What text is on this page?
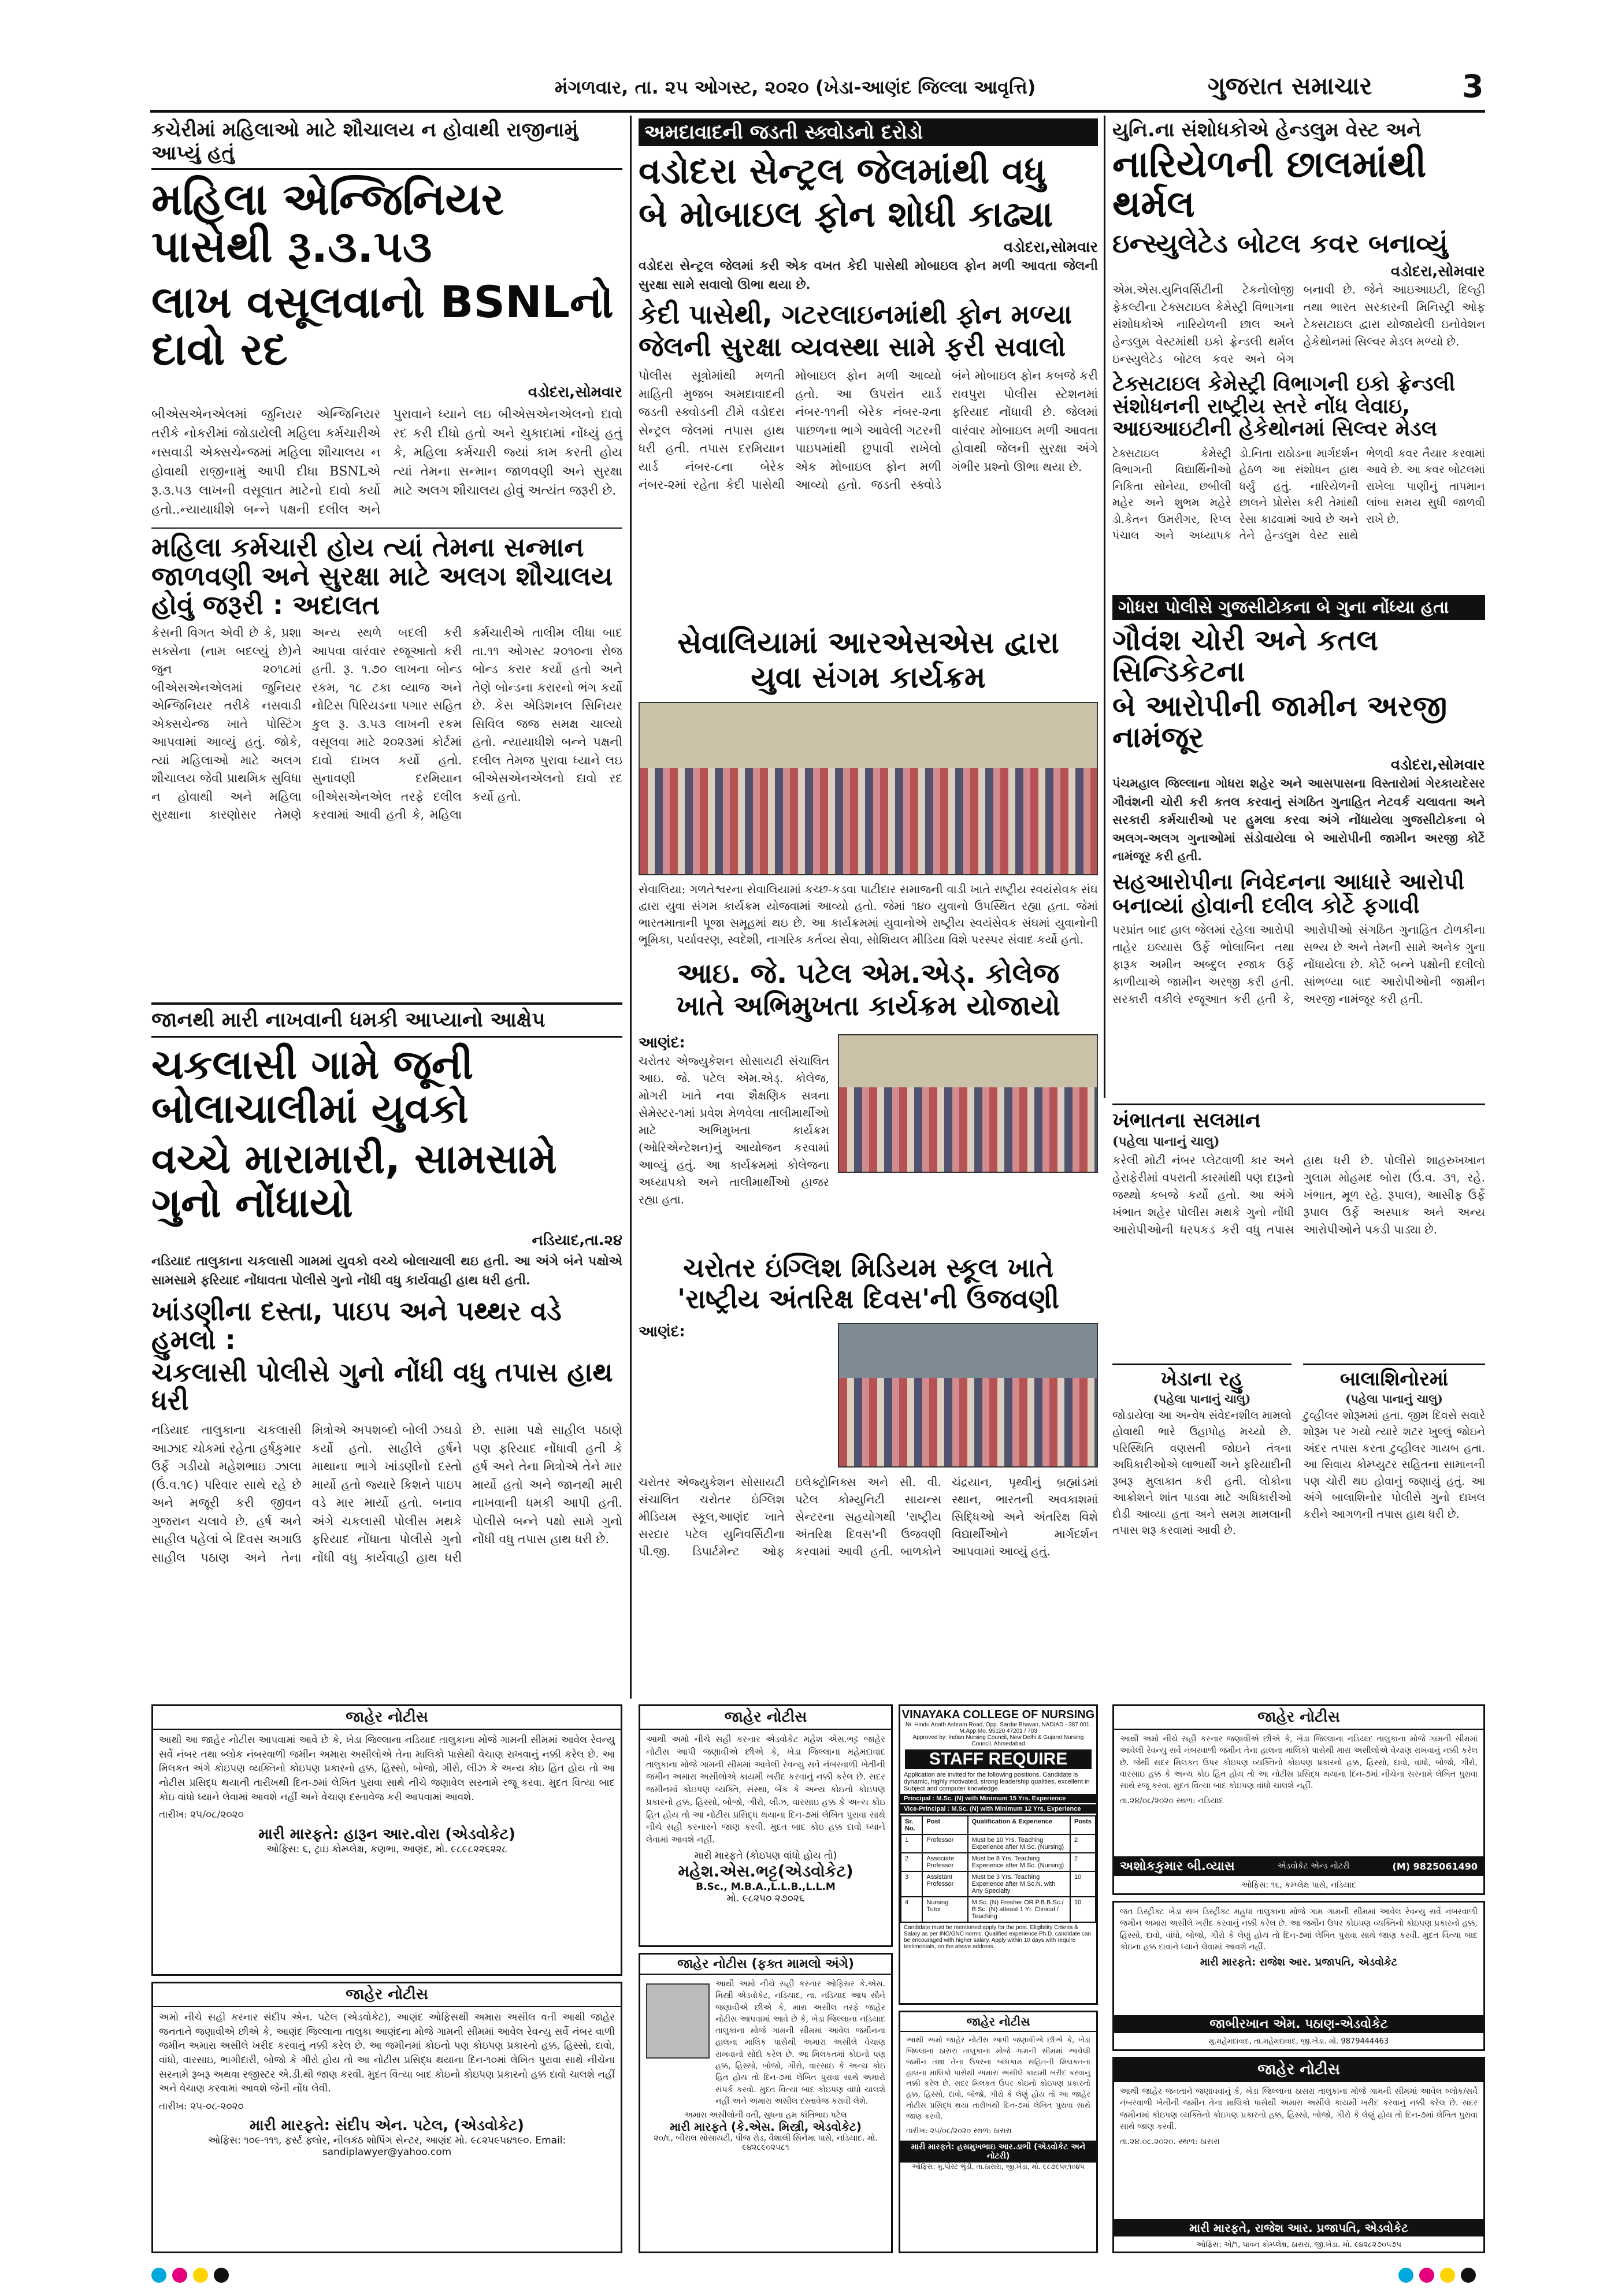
મંગળવાર, તા. ૨૫ ઓગસ્ટ, ૨૦૨૦ (ખેડા-આણંદ જિલ્લા આવૃત્તિ)	ગુજરાત સમાચાર	3
કચેરીમાં મહિલાઓ માટે શૌચાલય ન હોવાથી રાજીનામું આપ્યું હતું
મહિલા એન્જિનિયર પાસેથી રૂ.૩.૫૩
લાખ વસૂલવાનો BSNLનો દાવો રદ
વડોદરા,સોમવાર
બીએસએનએલમાં જુનિયર એન્જિનિયર તરીકે નોકરીમાં જોડાયેલી મહિલા કર્મચારીએ નસવાડી એક્સચેન્જમાં મહિલા શૌચાલય ન હોવાથી રાજીનામું આપી દીધા BSNLએ રૂ.૩.૫૩ લાખની વસૂલાત માટેનો દાવો કર્યો હતો..ન્યાયાધીશે બન્ને પક્ષની દલીલ અને પુરાવાને ધ્યાને લઇ બીએસએનએલનો દાવો રદ કરી દીધો હતો અને ચુકાદામાં નોંધ્યું હતું કે, મહિલા કર્મચારી જ્યાં કામ કરતી હોય ત્યાં તેમના સન્માન જાળવણી અને સુરક્ષા માટે અલગ શૌચાલય હોવું અત્યંત જરૂરી છે.
મહિલા કર્મચારી હોય ત્યાં તેમના સન્માન જાળવણી અને સુરક્ષા માટે અલગ શૌચાલય હોવું જરૂરી : અદાલત
કેસની વિગત એવી છે કે, પ્રશા સક્સેના (નામ બદલ્યું છે)ને જુન ૨૦૧૮માં બીએસએનએલમાં જુનિયર એન્જિનિયર તરીકે નસવાડી એક્સચેન્જ ખાતે પોસ્ટિંગ આપવામાં આવ્યું હતું. જોકે, ત્યાં મહિલાઓ માટે અલગ શૌચાલય જેવી પ્રાથમિક સુવિધા ન હોવાથી અને મહિલા સુરક્ષાના કારણોસર તેમણે અન્ય સ્થળે બદલી કરી આપવા વારંવાર રજૂઆતો કરી હતી. રૂ. ૧.૭૦ લાખના બોન્ડ રકમ, ૧૮ ટકા વ્યાજ અને નોટિસ પિરિયડના પગાર સહિત કુલ રૂ. ૩.૫૩ લાખની રકમ વસૂલવા માટે ૨૦૨૩માં કોર્ટમાં દાવો દાખલ કર્યો હતો. સુનાવણી દરમિયાન બીએસએનએલ તરફે દલીલ કરવામાં આવી હતી કે, મહિલા કર્મચારીએ તાલીમ લીધા બાદ તા.૧૧ ઓગસ્ટ ૨૦૧૦ના રોજ બોન્ડ કરાર કર્યો હતો અને તેણે બોન્ડના કરારનો ભંગ કર્યો છે. કેસ એડિશનલ સિનિયર સિવિલ જજ સમક્ષ ચાલ્યો હતો. ન્યાયાધીશે બન્ને પક્ષની દલીલ તેમજ પુરાવા ધ્યાને લઇ બીએસએનએલનો દાવો રદ કર્યો હતો.
જાનથી મારી નાખવાની ધમકી આપ્યાનો આક્ષેપ
ચકલાસી ગામે જૂની બોલાચાલીમાં યુવકો
વચ્ચે મારામારી, સામસામે ગુનો નોંધાયો
નડિયાદ,તા.૨૪
નડિયાદ તાલુકાના ચકલાસી ગામમાં યુવકો વચ્ચે બોલાચાલી થઇ હતી. આ અંગે બંને પક્ષોએ સામસામે ફરિયાદ નોંધાવતા પોલીસે ગુનો નોંધી વધુ કાર્યવાહી હાથ ધરી હતી.
ખાંડણીના દસ્તા, પાઇપ અને પથ્થર વડે હુમલો :
ચકલાસી પોલીસે ગુનો નોંધી વધુ તપાસ હાથ ધરી
નડિયાદ તાલુકાના ચકલાસી આઝાદ ચોકમાં રહેતા હર્ષકુમાર ઉર્ફે ગડીયો મહેશભાઇ ઝાલા (ઉં.વ.૧૯) પરિવાર સાથે રહે છે અને મજૂરી કરી જીવન ગુજરાન ચલાવે છે. હર્ષ અને સાહીલ પહેલાં બે દિવસ અગાઉ સાહીલ પઠાણ અને તેના મિત્રોએ અપશબ્દો બોલી ઝઘડો કર્યો હતો. સાહીલે હર્ષને માથાના ભાગે ખાંડણીનો દસ્તો માર્યો હતો જ્યારે કિશને પાઇપ વડે માર માર્યો હતો. બનાવ અંગે ચકલાસી પોલીસ મથકે ફરિયાદ નોંધાતા પોલીસે ગુનો નોંધી વધુ કાર્યવાહી હાથ ધરી છે. સામા પક્ષે સાહીલ પઠાણે પણ ફરિયાદ નોંધાવી હતી કે હર્ષ અને તેના મિત્રોએ તેને માર માર્યો હતો અને જાનથી મારી નાખવાની ધમકી આપી હતી. પોલીસે બન્ને પક્ષો સામે ગુનો નોંધી વધુ તપાસ હાથ ધરી છે.
અમદાવાદની જડતી સ્ક્વોડનો દરોડો
વડોદરા સેન્ટ્રલ જેલમાંથી વધુ
બે મોબાઇલ ફોન શોધી કાઢ્યા
વડોદરા,સોમવાર
વડોદરા સેન્ટ્રલ જેલમાં કરી એક વખત કેદી પાસેથી મોબાઇલ ફોન મળી આવતા જેલની સુરક્ષા સામે સવાલો ઊભા થયા છે.
કેદી પાસેથી, ગટરલાઇનમાંથી ફોન મળ્યા
જેલની સુરક્ષા વ્યવસ્થા સામે ફરી સવાલો
પોલીસ સૂત્રોમાંથી મળતી માહિતી મુજબ અમદાવાદની જડતી સ્ક્વોડની ટીમે વડોદરા સેન્ટ્રલ જેલમાં તપાસ હાથ ધરી હતી. તપાસ દરમિયાન યાર્ડ નંબર-૮ના બેરેક નંબર-૨માં રહેતા કેદી પાસેથી મોબાઇલ ફોન મળી આવ્યો હતો. આ ઉપરાંત યાર્ડ નંબર-૧૧ની બેરેક નંબર-૨ના પાછળના ભાગે આવેલી ગટરની પાઇપમાંથી છુપાવી રાખેલો એક મોબાઇલ ફોન મળી આવ્યો હતો. જડતી સ્ક્વોડે બંને મોબાઇલ ફોન કબજે કરી રાવપુરા પોલીસ સ્ટેશનમાં ફરિયાદ નોંધાવી છે. જેલમાં વારંવાર મોબાઇલ મળી આવતા હોવાથી જેલની સુરક્ષા અંગે ગંભીર પ્રશ્નો ઊભા થયા છે.
સેવાલિયામાં આરએસએસ દ્વારા
યુવા સંગમ કાર્યક્રમ
સેવાલિયા: ગળતેશ્વરના સેવાલિયામાં કચ્છ-કડવા પાટીદાર સમાજની વાડી ખાતે રાષ્ટ્રીય સ્વયંસેવક સંઘ દ્વારા યુવા સંગમ કાર્યક્રમ યોજવામાં આવ્યો હતો. જેમાં ૧૪૦ યુવાનો ઉપસ્થિત રહ્યા હતા. જેમાં ભારતમાતાની પૂજા સમૂહમાં થઇ છે. આ કાર્યક્રમમાં યુવાનોએ રાષ્ટ્રીય સ્વયંસેવક સંઘમાં યુવાનોની ભૂમિકા, પર્યાવરણ, સ્વદેશી, નાગરિક કર્તવ્ય સેવા, સોશિયલ મીડિયા વિશે પરસ્પર સંવાદ કર્યો હતો.
આઇ. જે. પટેલ એમ.એડ્. કોલેજ
ખાતે અભિમુખતા કાર્યક્રમ યોજાયો
આણંદ:
ચરોતર એજ્યુકેશન સોસાયટી સંચાલિત આઇ. જે. પટેલ એમ.એડ્. કોલેજ, મોગરી ખાતે નવા શૈક્ષણિક સત્રના સેમેસ્ટર-૧માં પ્રવેશ મેળવેલા તાલીમાર્થીઓ માટે અભિમુખતા કાર્યક્રમ (ઓરિએન્ટેશન)નું આયોજન કરવામાં આવ્યું હતું. આ કાર્યક્રમમાં કોલેજના અધ્યાપકો અને તાલીમાર્થીઓ હાજર રહ્યા હતા.
ચરોતર ઇંગ્લિશ મિડિયમ સ્કૂલ ખાતે
'રાષ્ટ્રીય અંતરિક્ષ દિવસ'ની ઉજવણી
આણંદ:
ચરોતર એજ્યુકેશન સોસાયટી સંચાલિત ચરોતર ઇંગ્લિશ મીડિયમ સ્કૂલ,આણંદ ખાતે સરદાર પટેલ યુનિવર્સિટીના પી.જી. ડિપાર્ટમેન્ટ ઓફ ઇલેક્ટ્રોનિક્સ અને સી. વી. પટેલ કોમ્યુનિટી સાયન્સ સેન્ટરના સહયોગથી 'રાષ્ટ્રીય અંતરિક્ષ દિવસ'ની ઉજવણી કરવામાં આવી હતી. બાળકોને ચંદ્રયાન, પૃથ્વીનું બ્રહ્માંડમાં સ્થાન, ભારતની અવકાશમાં સિદ્ધિઓ અને અંતરિક્ષ વિશે વિદ્યાર્થીઓને માર્ગદર્શન આપવામાં આવ્યું હતું.
યુનિ.ના સંશોધકોએ હેન્ડલુમ વેસ્ટ અને
નારિયેળની છાલમાંથી થર્મલ
ઇન્સ્યુલેટેડ બોટલ કવર બનાવ્યું
વડોદરા,સોમવાર
એમ.એસ.યુનિવર્સિટીની ટેકનોલોજી ફેકલ્ટીના ટેક્સટાઇલ કેમેસ્ટ્રી વિભાગના સંશોધકોએ નારિયેળની છાલ અને હેન્ડલુમ વેસ્ટમાંથી ઇકો ફ્રેન્ડલી થર્મલ ઇન્સ્યુલેટેડ બોટલ કવર અને બેગ બનાવી છે. જેને આઇઆઇટી, દિલ્હી તથા ભારત સરકારની મિનિસ્ટ્રી ઓફ ટેક્સટાઇલ દ્વારા યોજાયેલી ઇનોવેશન હેકેથોનમાં સિલ્વર મેડલ મળ્યો છે.
ટેક્સટાઇલ કેમેસ્ટ્રી વિભાગની ઇકો ફ્રેન્ડલી સંશોધનની રાષ્ટ્રીય સ્તરે નોંધ લેવાઇ, આઇઆઇટીની હેકેથોનમાં સિલ્વર મેડલ
ટેક્સટાઇલ કેમેસ્ટ્રી વિભાગની વિદ્યાર્થિનીઓ નિકિતા સોનેયા, છબીલી મહેર અને શુભમ મહેરે ડો.કેતન ઉમરીગર, રિપ્લ પંચાલ અને અધ્યાપક ડો.નિતા રાઠોડના માર્ગદર્શન હેઠળ આ સંશોધન હાથ ધર્યું હતું. નારિયેળની છાલને પ્રોસેસ કરી તેમાંથી રેસા કાઢવામાં આવે છે અને તેને હેન્ડલુમ વેસ્ટ સાથે ભેળવી કવર તૈયાર કરવામાં આવે છે. આ કવર બોટલમાં રાખેલા પાણીનું તાપમાન લાંબા સમય સુધી જાળવી રાખે છે.
ગોધરા પોલીસે ગુજસીટોકના બે ગુના નોંધ્યા હતા
ગૌવંશ ચોરી અને કતલ સિન્ડિકેટના
બે આરોપીની જામીન અરજી નામંજૂર
વડોદરા,સોમવાર
પંચમહાલ જિલ્લાના ગોધરા શહેર અને આસપાસના વિસ્તારોમાં ગેરકાયદેસર ગૌવંશની ચોરી કરી કતલ કરવાનું સંગઠિત ગુનાહિત નેટવર્ક ચલાવતા અને સરકારી કર્મચારીઓ પર હુમલા કરવા અંગે નોંધાયેલા ગુજસીટોકના બે અલગ-અલગ ગુનાઓમાં સંડોવાયેલા બે આરોપીની જામીન અરજી કોર્ટે નામંજૂર કરી હતી.
સહઆરોપીના નિવેદનના આધારે આરોપી બનાવ્યાં હોવાની દલીલ કોર્ટે ફગાવી
પરપ્રાંત બાદ હાલ જેલમાં રહેલા આરોપી તાહેર ઇલ્યાસ ઉર્ફે ભોલાબિન તથા ફારૂક અમીન અબ્દુલ રજાક ઉર્ફે કાળીયાએ જામીન અરજી કરી હતી. સરકારી વકીલે રજૂઆત કરી હતી કે, આરોપીઓ સંગઠિત ગુનાહિત ટોળકીના સભ્ય છે અને તેમની સામે અનેક ગુના નોંધાયેલા છે. કોર્ટે બન્ને પક્ષોની દલીલો સાંભળ્યા બાદ આરોપીઓની જામીન અરજી નામંજૂર કરી હતી.
ખંભાતના સલમાન
(પહેલા પાનાનું ચાલુ)
કરેલી મોટી નંબર પ્લેટવાળી કાર અને હેરાફેરીમાં વપરાતી કારમાંથી પણ દારૂનો જથ્થો કબજે કર્યો હતો. આ અંગે ખંભાત શહેર પોલીસ મથકે ગુનો નોંધી આરોપીઓની ધરપકડ કરી વધુ તપાસ હાથ ધરી છે. પોલીસે શાહરુખખાન ગુલામ મોહમદ બોરા (ઉં.વ. ૩૧, રહે. ખંભાત, મૂળ રહે. રૂપાલ), આસીફ ઉર્ફે રૂપાલ ઉર્ફે અસ્પાક અને અન્ય આરોપીઓને પકડી પાડ્યા છે.
ખેડાના રહુ
(પહેલા પાનાનું ચાલુ)
જોડાયેલા આ અન્વેષ સંવેદનશીલ મામલો હોવાથી ભારે ઉહાપોહ મચ્યો છે. પરિસ્થિતિ વણસતી જોઇને તંત્રના અધિકારીઓએ લાભાર્થી અને ફરિયાદીની રૂબરૂ મુલાકાત કરી હતી. લોકોના આક્રોશને શાંત પાડવા માટે અધિકારીઓ દોડી આવ્યા હતા અને સમગ્ર મામલાની તપાસ શરૂ કરવામાં આવી છે.
બાલાશિનોરમાં
(પહેલા પાનાનું ચાલુ)
ટુવ્હીલર શોરૂમમાં હતા. જીમ દિવસે સવારે શોરૂમ પર ગયો ત્યારે શટર ખુલ્લું જોઇને અંદર તપાસ કરતા ટુવ્હીલર ગાયબ હતા. આ સિવાય કોમ્પ્યુટર સહિતના સામાનની પણ ચોરી થઇ હોવાનું જણાયું હતું. આ અંગે બાલાશિનોર પોલીસે ગુનો દાખલ કરીને આગળની તપાસ હાથ ધરી છે.
જાહેર નોટીસ
આથી આ જાહેર નોટીસ આપવામાં આવે છે કે, ખેડા જિલ્લાના નડિયાદ તાલુકાના મોજે ગામની સીમમાં આવેલ રેવન્યુ સર્વે નંબર તથા બ્લોક નંબરવાળી જમીન અમારા અસીલોએ તેના માલિકો પાસેથી વેચાણ રાખવાનું નક્કી કરેલ છે. આ મિલકત અંગે કોઇપણ વ્યક્તિનો કોઇપણ પ્રકારનો હક્ક, હિસ્સો, બોજો, ગીરો, લીઝ કે અન્ય કોઇ હિત હોય તો આ નોટીસ પ્રસિદ્ધ થયાની તારીખથી દિન-૭માં લેખિત પુરાવા સાથે નીચે જણાવેલ સરનામે રજૂ કરવા. મુદત વિત્યા બાદ કોઇ વાંધો ધ્યાને લેવામાં આવશે નહીં અને વેચાણ દસ્તાવેજ કરી આપવામાં આવશે.
તારીખ: ૨૫/૦૮/૨૦૨૦
મારી મારફતે: હારૂન આર.વોરા (એડવોકેટ)
ઓફિસ: ૬, ટ્રાઇ કોમ્પ્લેક્ષ, કણભા, આણંદ, મો. ૯૮૯૮૨૨૬૨૨૮
જાહેર નોટીસ
અમો નીચે સહી કરનાર સંદીપ એન. પટેલ (એડવોકેટ), આણંદ ઓફિસથી અમારા અસીલ વતી આથી જાહેર જનતાને જણાવીએ છીએ કે, આણંદ જિલ્લાના તાલુકા આણંદના મોજે ગામની સીમમાં આવેલ રેવન્યુ સર્વે નંબર વાળી જમીન અમારા અસીલે ખરીદ કરવાનું નક્કી કરેલ છે. આ જમીનમાં કોઇનો પણ કોઇપણ પ્રકારનો હક્ક, હિસ્સો, દાવો, વાંધો, વારસાઇ, ભાગીદારી, બોજો કે ગીરો હોય તો આ નોટીસ પ્રસિદ્ધ થયાના દિન-૧૦માં લેખિત પુરાવા સાથે નીચેના સરનામે રૂબરૂ અથવા રજીસ્ટર એ.ડી.થી જાણ કરવી. મુદત વિત્યા બાદ કોઇનો કોઇપણ પ્રકારનો હક્ક દાવો ચાલશે નહીં અને વેચાણ કરવામાં આવશે જેની નોંધ લેવી.
તારીખ: ૨૫-૦૮-૨૦૨૦
મારી મારફતે: સંદીપ એન. પટેલ, (એડવોકેટ)
ઓફિસ: ૧૦૯-૧૧૧, ફર્સ્ટ ફ્લોર, નીલકંઠ શોપિંગ સેન્ટર, આણંદ મો. ૯૮૨૫૯૫૪૧૯૦. Email: sandiplawyer@yahoo.com
જાહેર નોટીસ
આથી અમો નીચે સહી કરનાર એડવોકેટ મહેશ એસ.ભટ્ટ જાહેર નોટીસ આપી જણાવીએ છીએ કે, ખેડા જિલ્લાના મહેમદાવાદ તાલુકાના મોજે ગામની સીમમાં આવેલી રેવન્યુ સર્વે નંબરવાળી ખેતીની જમીન અમારા અસીલોએ કાયમી ખરીદ કરવાનું નક્કી કરેલ છે. સદર જમીનમાં કોઇપણ વ્યક્તિ, સંસ્થા, બેંક કે અન્ય કોઇનો કોઇપણ પ્રકારનો હક્ક, હિસ્સો, બોજો, ગીરો, લીઝ, વારસાઇ હક્ક કે અન્ય કોઇ હિત હોય તો આ નોટીસ પ્રસિદ્ધ થયાના દિન-૭માં લેખિત પુરાવા સાથે નીચે સહી કરનારને જાણ કરવી. મુદત બાદ કોઇ હક્ક દાવો ધ્યાને લેવામાં આવશે નહીં.
મારી મારફતે (કોઇપણ વાંધો હોય તો)
મહેશ.એસ.ભટ્ટ(એડવોકેટ)
B.Sc., M.B.A.,L.L.B.,L.L.M
મો. ૯૮૨૫૦ ૨૭૦૨૬
જાહેર નોટીસ (ફક્ત મામલો અંગે)
આથી અમો નીચે સહી કરનાર ઓફિસર કે.એસ. મિસ્ત્રી એડવોકેટ, નડિયાદ, તા. નડિયાદ આપ સૌને જણાવીએ છીએ કે, મારા અસીલ તરફે જાહેર નોટીસ આપવામાં આવે છે કે, ખેડા જિલ્લાના નડિયાદ તાલુકાના મોજે ગામની સીમમાં આવેલ જમીનના હાલના માલિક પાસેથી અમારા અસીલે વેચાણ રાખવાનો સોદો કરેલ છે. આ મિલકતમાં કોઇનો પણ હક્ક, હિસ્સો, બોજો, ગીરો, વારસાઇ કે અન્ય કોઇ હિત હોય તો દિન-૭માં લેખિત પુરાવા સાથે અમારો સંપર્ક કરવો. મુદત વિત્યા બાદ કોઇપણ વાંધો ચાલશે નહીં અને અમારા અસીલ દસ્તાવેજ કરાવી લેશે.
અમારા અસીલોની વતી, સુધના હમ કાંતિભાઇ પટેલ
મારી મારફતે (કે.એસ. મિસ્ત્રી, એડવોકેટ)
૨૦/૬, બીરાલ સોસાયટી, પીજ રોડ, વૈશાલી સિનેમા પાસે, નડિયાદ. મો. ૯૪૨૮૯૦૨૫૮૧
VINAYAKA COLLEGE OF NURSING
Nr. Hindu Anath Ashram Road, Opp. Sardar Bhavan, NADIAD - 387 001. M.App.Mo. 95120 47201 / 703
Approved by: Indian Nursing Council, New Delhi & Gujarat Nursing Council, Ahmedabad
STAFF REQUIRE
Application are invited for the following positions. Candidate is dynamic, highly motivated, strong leadership qualities, excellent in Subject and computer knowledge.
Principal : M.Sc. (N) with Minimum 15 Yrs. Experience
Vice-Principal : M.Sc. (N) with Minimum 12 Yrs. Experience
Sr. No.	Post	Qualification & Experience	Posts
1	Professor	Must be 10 Yrs. Teaching Experience after M.Sc. (Nursing)	2
2	Associate Professor	Must be 8 Yrs. Teaching Experience after M.Sc. (Nursing)	2
3	Assistant Professor	Must be 3 Yrs. Teaching Experience after M.Sc.N. with Any Specialty	10
4	Nursing Tutor	M.Sc. (N) Fresher OR P.B.B.Sc./ B.Sc. (N) atleast 1 Yr. Clinical / Teaching	10
Candidate must be mentioned apply for the post. Eligibility Criteria & Salary as per INC/GNC norms. Qualified experience Ph.D. candidate can be encouraged with higher salary. Apply within 10 days with require testimonials, on the above address.
જાહેર નોટીસ
આથી અમો જાહેર નોટીસ આપી જણાવીએ છીએ કે, ખેડા જિલ્લાના ઠાસરા તાલુકાના મોજે ગામની સીમમાં આવેલી જમીન તથા તેના ઉપરના બાંધકામ સહિતની મિલકતના હાલના માલિકો પાસેથી અમારા અસીલે કાયમી ખરીદ કરવાનું નક્કી કરેલ છે. સદર મિલકત ઉપર કોઇનો કોઇપણ પ્રકારનો હક્ક, હિસ્સો, દાવો, બોજો, ગીરો કે લેણું હોય તો આ જાહેર નોટીસ પ્રસિદ્ધ થયા તારીખથી દિન-૭માં લેખિત પુરાવા સાથે જાણ કરવી.
તારીખ: ૨૫/૦૮/૨૦૨૦ સ્થળ: ઠાસરા
મારી મારફતે: હસમુખભાઇ આર.ડાભી (એડવોકેટ અને નોટરી)
ઓફિસ: મુ.પોસ્ટ ભુંડી, તા.ઠાસરા, જી.ખેડા, મો. ૯૮૭૯૫૬૧૦૪૫
જાહેર નોટીસ
આથી અમો નીચે સહી કરનાર જણાવીએ છીએ કે, ખેડા જિલ્લાના નડિયાદ તાલુકાના મોજે ગામની સીમમાં આવેલી રેવન્યુ સર્વે નંબરવાળી જમીન તેના હાલના માલિકો પાસેથી મારા અસીલોએ વેચાણ રાખવાનું નક્કી કરેલ છે. જેથી સદર મિલકત ઉપર કોઇપણ વ્યક્તિનો કોઇપણ પ્રકારનો હક્ક, હિસ્સો, દાવો, વાંધો, બોજો, ગીરો, વારસાઇ હક્ક કે અન્ય કોઇ હિત હોય તો આ નોટીસ પ્રસિદ્ધ થયાના દિન-૭માં નીચેના સરનામે લેખિત પુરાવા સાથે રજૂ કરવા. મુદત વિત્યા બાદ કોઇપણ વાંધો ચાલશે નહીં.
તા.૨૪/૦૮/૨૦૨૦ સ્થળ: નડિયાદ
અશોકકુમાર બી.વ્યાસ	એડવોકેટ એન્ડ નોટરી	(M) 9825061490
ઓફિસ: ૧૬, કમ્પ્લેક્ષ પાસે, નડિયાદ
જત ડિસ્ટ્રીક્ટ ખેડા સબ ડિસ્ટ્રીક્ટ મહુધા તાલુકાના મોજે ગામ ગામની સીમમાં આવેલ રેવન્યુ સર્વે નંબરવાળી જમીન અમારા અસીલે ખરીદ કરવાનું નક્કી કરેલ છે. આ જમીન ઉપર કોઇપણ વ્યક્તિનો કોઇપણ પ્રકારનો હક્ક, હિસ્સો, દાવો, વાંધો, બોજો, ગીરો કે લેણું હોય તો દિન-૭માં લેખિત પુરાવા સાથે જાણ કરવી. મુદત વિત્યા બાદ કોઇના હક્ક દાવાને ધ્યાને લેવામાં આવશે નહીં.
મારી મારફતે: રાજેશ આર. પ્રજાપતિ, એડવોકેટ
જાબીરખાન એમ. પઠાણ-એડવોકેટ
મુ.મહેમદાવાદ, તા.મહેમદાવાદ, જી.ખેડા. મો. 9879444463
જાહેર નોટીસ
આથી જાહેર જનતાને જણાવવાનું કે, ખેડા જિલ્લાના ઠાસરા તાલુકાના મોજે ગામની સીમમાં આવેલ બ્લોક/સર્વે નંબરવાળી ખેતીની જમીન તેના માલિકો પાસેથી અમારા અસીલે કાયમી ખરીદ કરવાનું નક્કી કરેલ છે. સદર જમીનમાં કોઇપણ વ્યક્તિનો કોઇપણ પ્રકારનો હક્ક, હિસ્સો, બોજો, ગીરો કે લેણું હોય તો દિન-૭માં લેખિત પુરાવા સાથે જાણ કરવી.
તા.૨૪.૦૮.૨૦૨૦. સ્થળ: ઠાસરા
મારી મારફતે, રાજેશ આર. પ્રજાપતિ, એડવોકેટ
ઓફિસ: એ/૧, પાવન કોમ્પ્લેક્ષ, ઠાસરા, જી.ખેડા. મો. ૯૪૨૮૨૭૦૫૭૫
